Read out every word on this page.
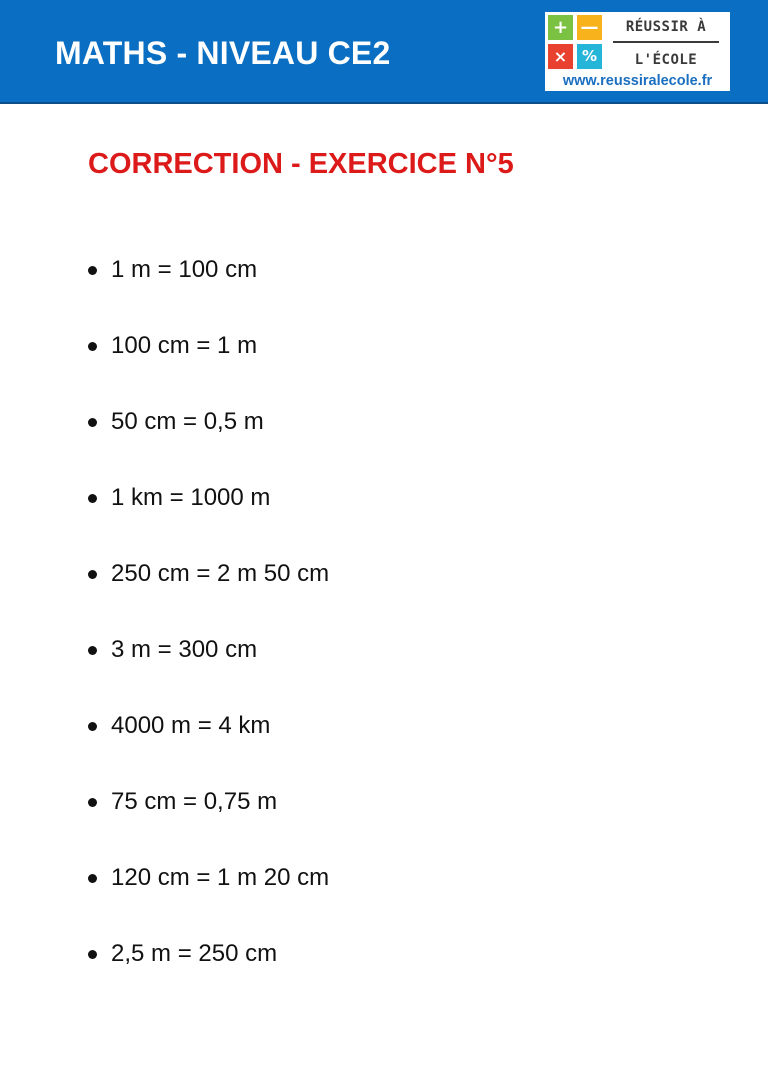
MATHS - NIVEAU CE2
+ —
× %
RÉUSSIR À
L'ÉCOLE
www.reussiralecole.fr
CORRECTION - EXERCICE N°5
1 m = 100 cm
100 cm = 1 m
50 cm = 0,5 m
1 km = 1000 m
250 cm = 2 m 50 cm
3 m = 300 cm
4000 m = 4 km
75 cm = 0,75 m
120 cm = 1 m 20 cm
2,5 m = 250 cm
